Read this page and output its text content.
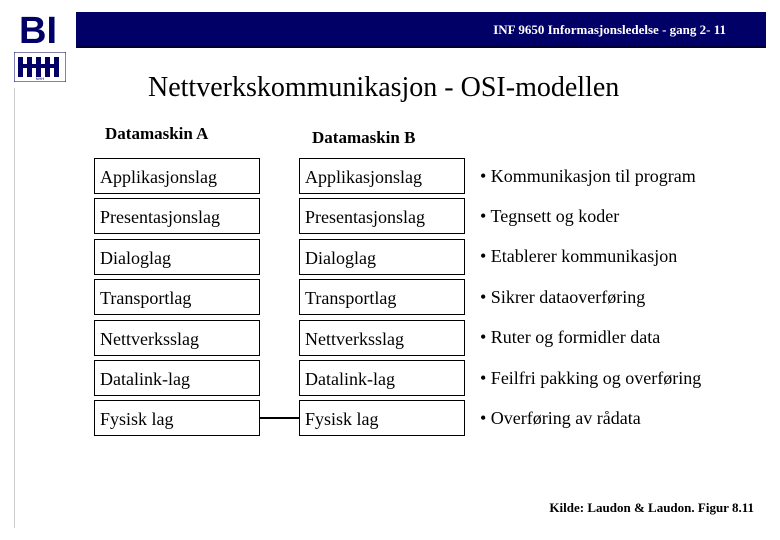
BI
NHH
INF 9650 Informasjonsledelse - gang 2- 11
Nettverkskommunikasjon - OSI-modellen
Datamaskin A	Datamaskin B
Applikasjonslag
Presentasjonslag
Dialoglag
Transportlag
Nettverksslag
Datalink-lag
Fysisk lag
Applikasjonslag
Presentasjonslag
Dialoglag
Transportlag
Nettverksslag
Datalink-lag
Fysisk lag
• Kommunikasjon til program
• Tegnsett og koder
• Etablerer kommunikasjon
• Sikrer dataoverføring
• Ruter og formidler data
• Feilfri pakking og overføring
• Overføring av rådata
Kilde: Laudon & Laudon. Figur 8.11
